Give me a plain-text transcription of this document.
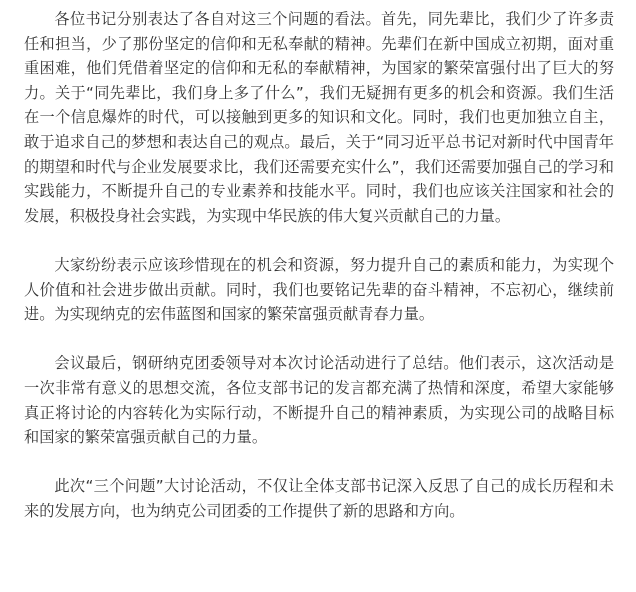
各位书记分别表达了各自对这三个问题的看法。首先，同先辈比，我们少了许多责任和担当，少了那份坚定的信仰和无私奉献的精神。先辈们在新中国成立初期，面对重重困难，他们凭借着坚定的信仰和无私的奉献精神，为国家的繁荣富强付出了巨大的努力。关于“同先辈比，我们身上多了什么”，我们无疑拥有更多的机会和资源。我们生活在一个信息爆炸的时代，可以接触到更多的知识和文化。同时，我们也更加独立自主，敢于追求自己的梦想和表达自己的观点。最后，关于“同习近平总书记对新时代中国青年的期望和时代与企业发展要求比，我们还需要充实什么”，我们还需要加强自己的学习和实践能力，不断提升自己的专业素养和技能水平。同时，我们也应该关注国家和社会的发展，积极投身社会实践，为实现中华民族的伟大复兴贡献自己的力量。

大家纷纷表示应该珍惜现在的机会和资源，努力提升自己的素质和能力，为实现个人价值和社会进步做出贡献。同时，我们也要铭记先辈的奋斗精神，不忘初心，继续前进。为实现纳克的宏伟蓝图和国家的繁荣富强贡献青春力量。

会议最后，钢研纳克团委领导对本次讨论活动进行了总结。他们表示，这次活动是一次非常有意义的思想交流，各位支部书记的发言都充满了热情和深度，希望大家能够真正将讨论的内容转化为实际行动，不断提升自己的精神素质，为实现公司的战略目标和国家的繁荣富强贡献自己的力量。

此次“三个问题”大讨论活动，不仅让全体支部书记深入反思了自己的成长历程和未来的发展方向，也为纳克公司团委的工作提供了新的思路和方向。
